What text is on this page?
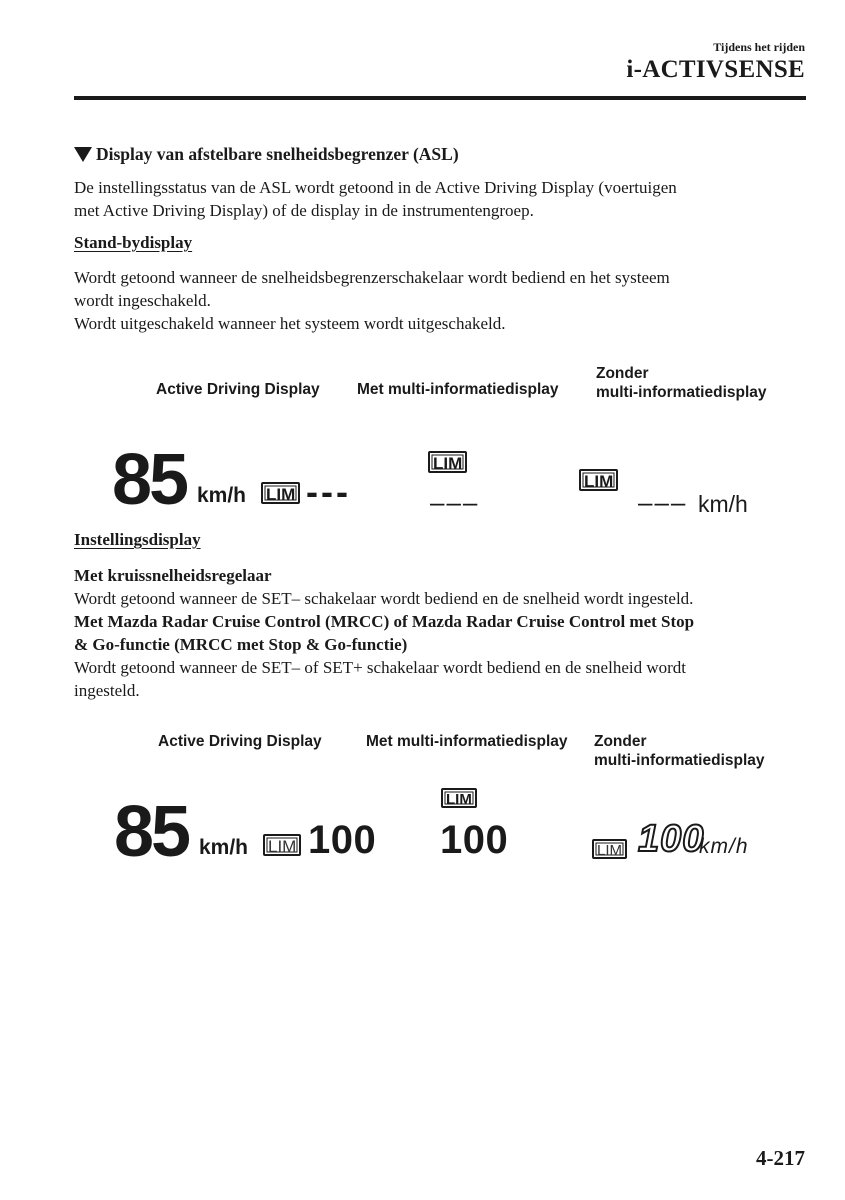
Tijdens het rijden
i-ACTIVSENSE
Display van afstelbare snelheidsbegrenzer (ASL)
De instellingsstatus van de ASL wordt getoond in de Active Driving Display (voertuigen
met Active Driving Display) of de display in de instrumentengroep.
Stand-bydisplay
Wordt getoond wanneer de snelheidsbegrenzerschakelaar wordt bediend en het systeem
wordt ingeschakeld.
Wordt uitgeschakeld wanneer het systeem wordt uitgeschakeld.
Active Driving Display Met multi-informatiedisplay
Zonder
multi-informatiedisplay
85 km/h LIM ---
LIM
–––
LIM
––– km/h
Instellingsdisplay
Met kruissnelheidsregelaar
Wordt getoond wanneer de SET– schakelaar wordt bediend en de snelheid wordt ingesteld.
Met Mazda Radar Cruise Control (MRCC) of Mazda Radar Cruise Control met Stop
& Go-functie (MRCC met Stop & Go-functie)
Wordt getoond wanneer de SET– of SET+ schakelaar wordt bediend en de snelheid wordt
ingesteld.
Active Driving Display	Met multi-informatiedisplay Zonder
multi-informatiedisplay
85 km/h LIM 100
LIM
100	LIM 100
km/h
4-217
